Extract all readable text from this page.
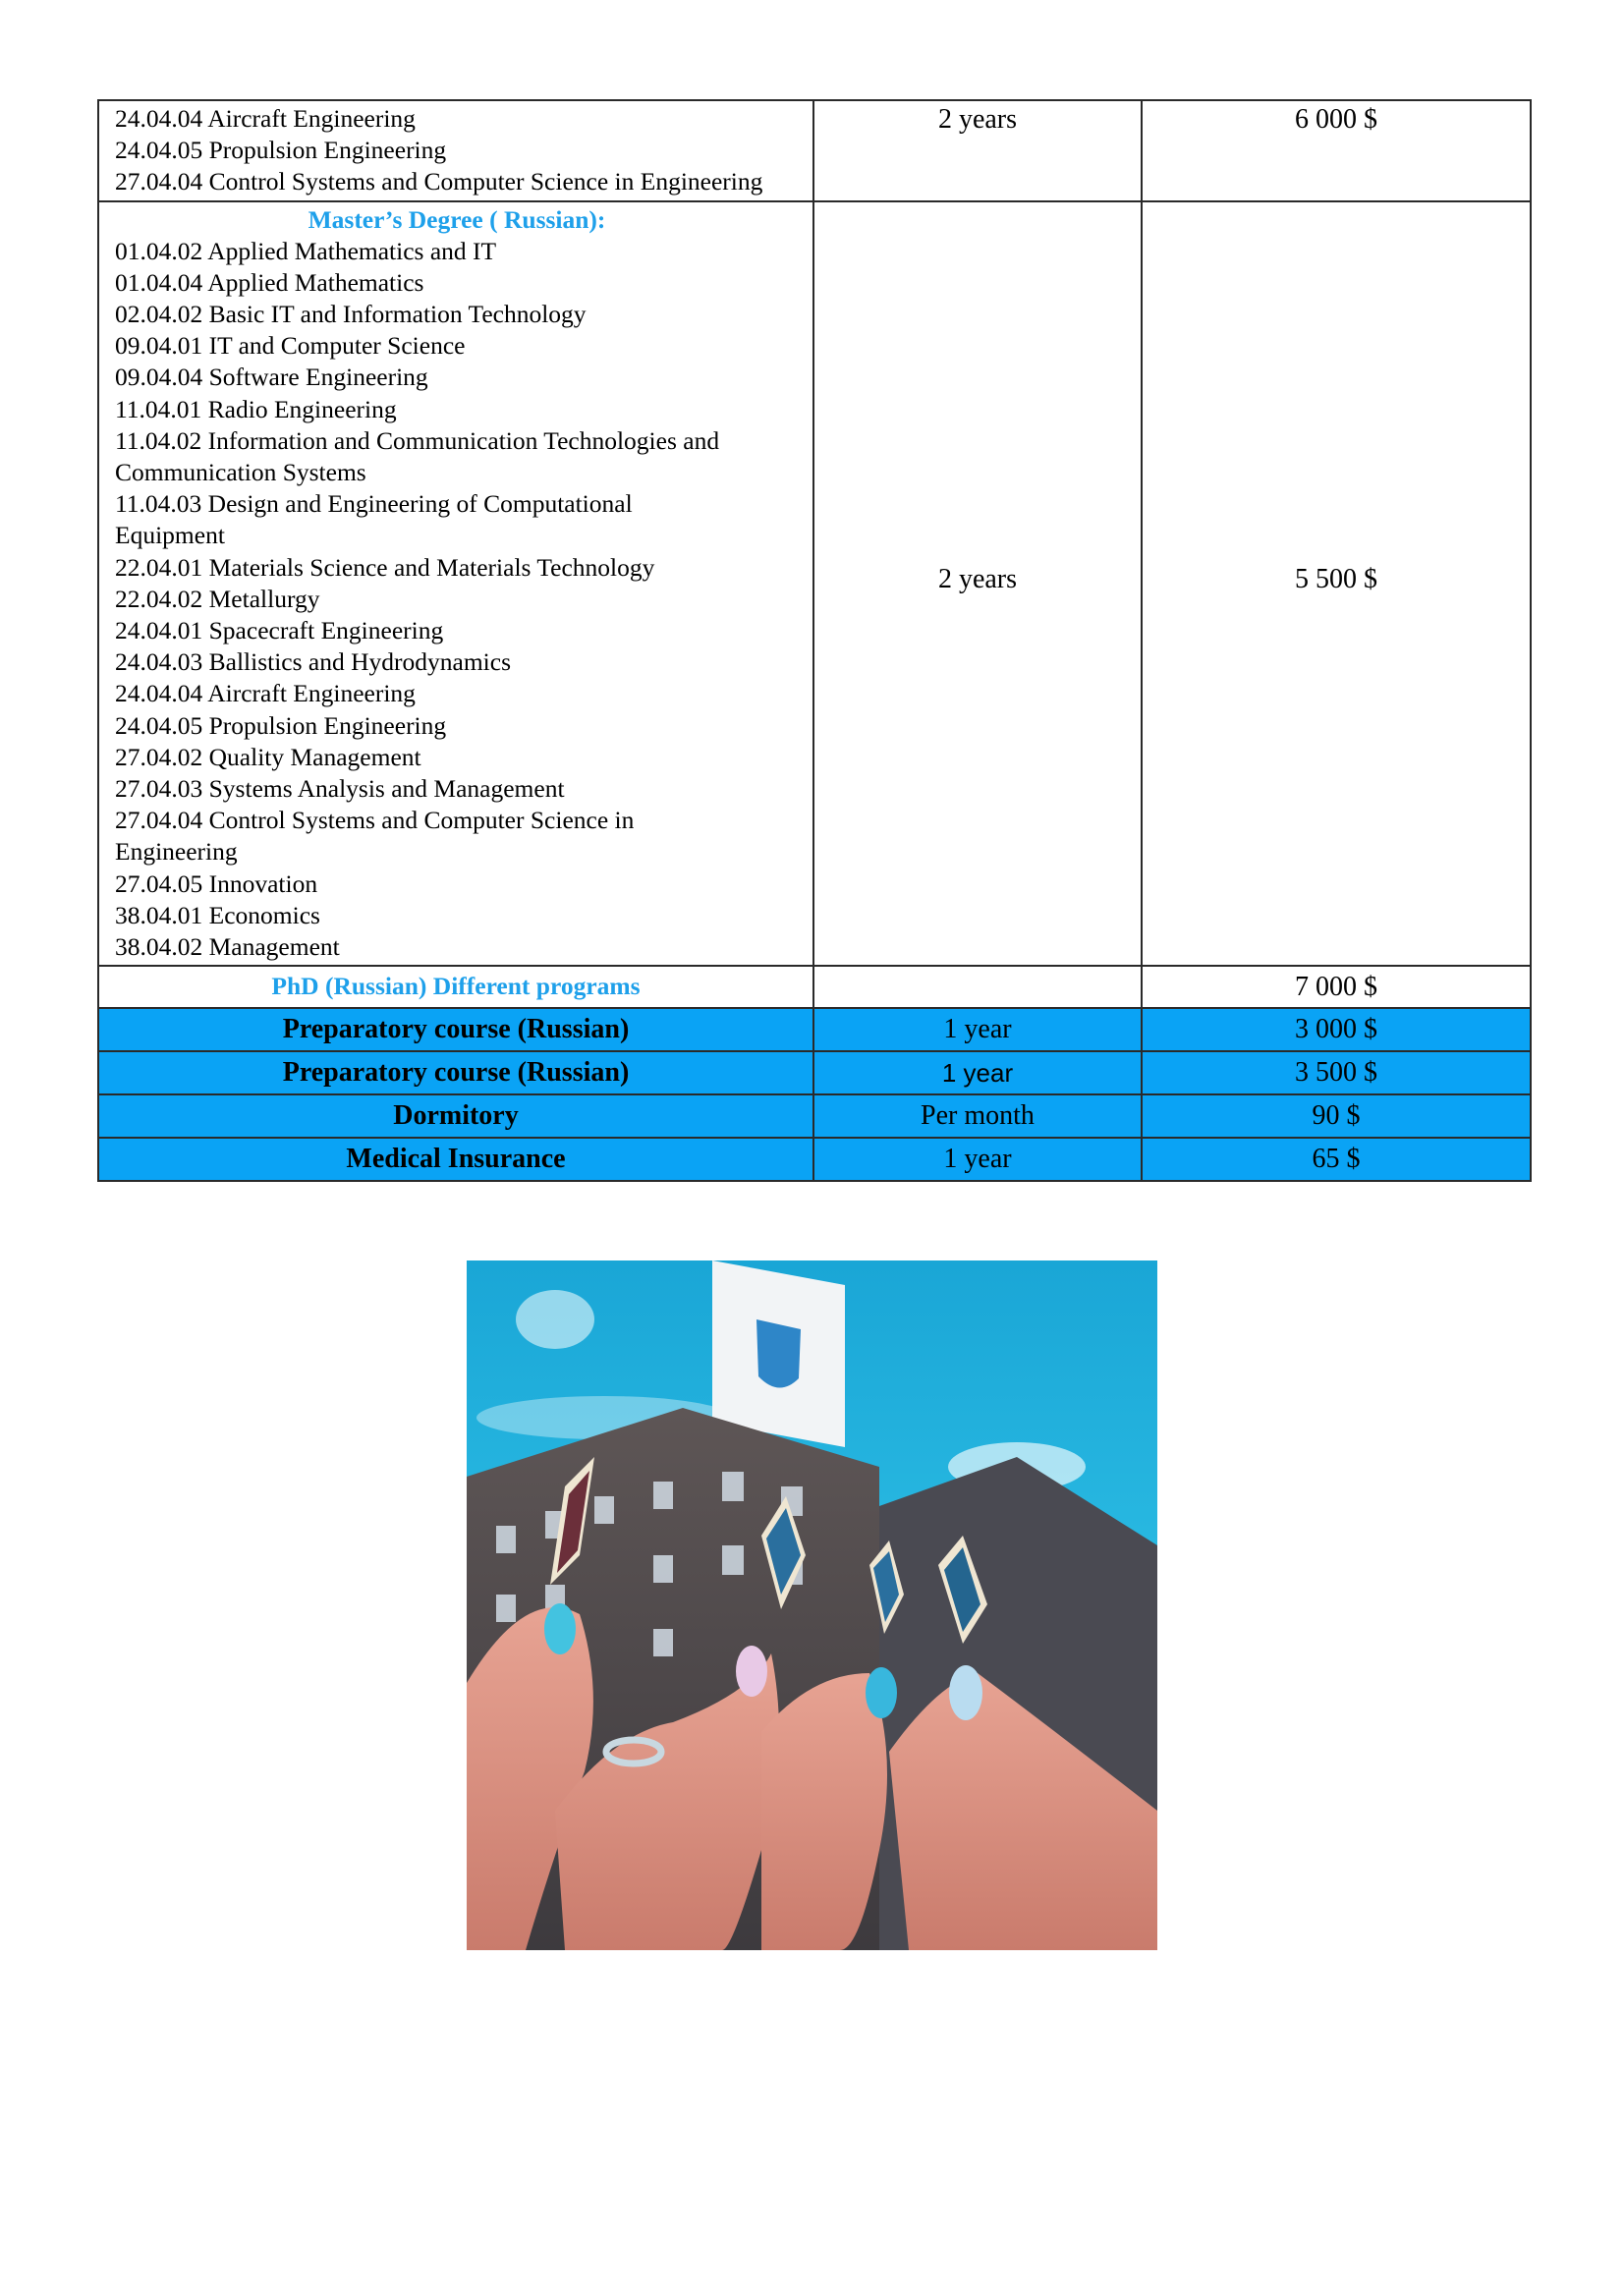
24.04.04 Aircraft Engineering
24.04.05 Propulsion Engineering
27.04.04 Control Systems and Computer Science in Engineering	2 years	6 000 $

Master’s Degree ( Russian):
01.04.02 Applied Mathematics and IT
01.04.04 Applied Mathematics
02.04.02 Basic IT and Information Technology
09.04.01 IT and Computer Science
09.04.04 Software Engineering
11.04.01 Radio Engineering
11.04.02 Information and Communication Technologies and Communication Systems
11.04.03 Design and Engineering of Computational Equipment
22.04.01 Materials Science and Materials Technology
22.04.02 Metallurgy
24.04.01 Spacecraft Engineering
24.04.03 Ballistics and Hydrodynamics
24.04.04 Aircraft Engineering
24.04.05 Propulsion Engineering
27.04.02 Quality Management
27.04.03 Systems Analysis and Management
27.04.04 Control Systems and Computer Science in Engineering
27.04.05 Innovation
38.04.01 Economics
38.04.02 Management
	2 years	5 500 $

PhD (Russian) Different programs		7 000 $
Preparatory course (Russian)	1 year	3 000 $
Preparatory course (Russian)	1 year	3 500 $
Dormitory	Per month	90 $
Medical Insurance	1 year	65 $
